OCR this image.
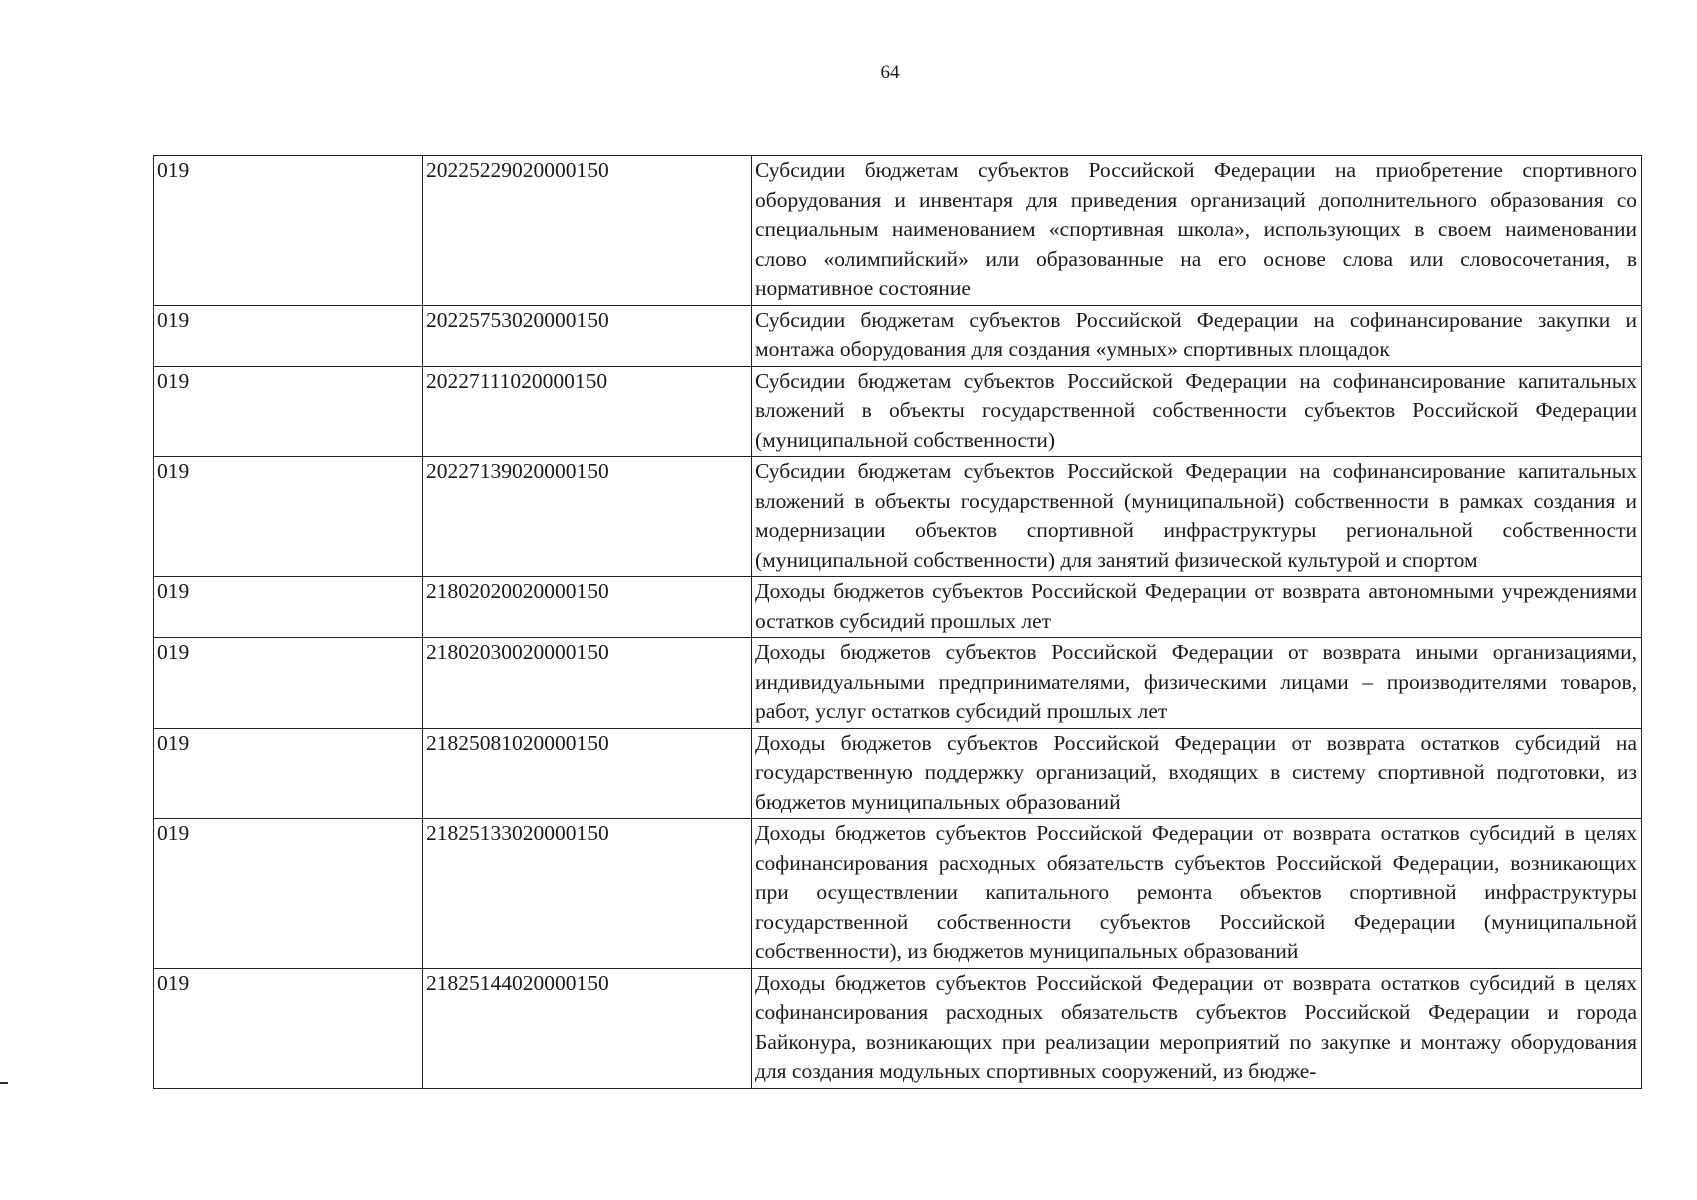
64
019	20225229020000150	Субсидии бюджетам субъектов Российской Федерации на приобретение спортивного оборудования и инвентаря для приведения организаций дополнительного образования со специальным наименованием «спортивная школа», использующих в своем наименовании слово «олимпийский» или образованные на его основе слова или словосочетания, в нормативное состояние
019	20225753020000150	Субсидии бюджетам субъектов Российской Федерации на софинансирование закупки и монтажа оборудования для создания «умных» спортивных площадок
019	20227111020000150	Субсидии бюджетам субъектов Российской Федерации на софинансирование капитальных вложений в объекты государственной собственности субъектов Российской Федерации (муниципальной собственности)
019	20227139020000150	Субсидии бюджетам субъектов Российской Федерации на софинансирование капитальных вложений в объекты государственной (муниципальной) собственности в рамках создания и модернизации объектов спортивной инфраструктуры региональной собственности (муниципальной собственности) для занятий физической культурой и спортом
019	21802020020000150	Доходы бюджетов субъектов Российской Федерации от возврата автономными учреждениями остатков субсидий прошлых лет
019	21802030020000150	Доходы бюджетов субъектов Российской Федерации от возврата иными организациями, индивидуальными предпринимателями, физическими лицами – производителями товаров, работ, услуг остатков субсидий прошлых лет
019	21825081020000150	Доходы бюджетов субъектов Российской Федерации от возврата остатков субсидий на государственную поддержку организаций, входящих в систему спортивной подготовки, из бюджетов муниципальных образований
019	21825133020000150	Доходы бюджетов субъектов Российской Федерации от возврата остатков субсидий в целях софинансирования расходных обязательств субъектов Российской Федерации, возникающих при осуществлении капитального ремонта объектов спортивной инфраструктуры государственной собственности субъектов Российской Федерации (муниципальной собственности), из бюджетов муниципальных образований
019	21825144020000150	Доходы бюджетов субъектов Российской Федерации от возврата остатков субсидий в целях софинансирования расходных обязательств субъектов Российской Федерации и города Байконура, возникающих при реализации мероприятий по закупке и монтажу оборудования для создания модульных спортивных сооружений, из бюдже-
